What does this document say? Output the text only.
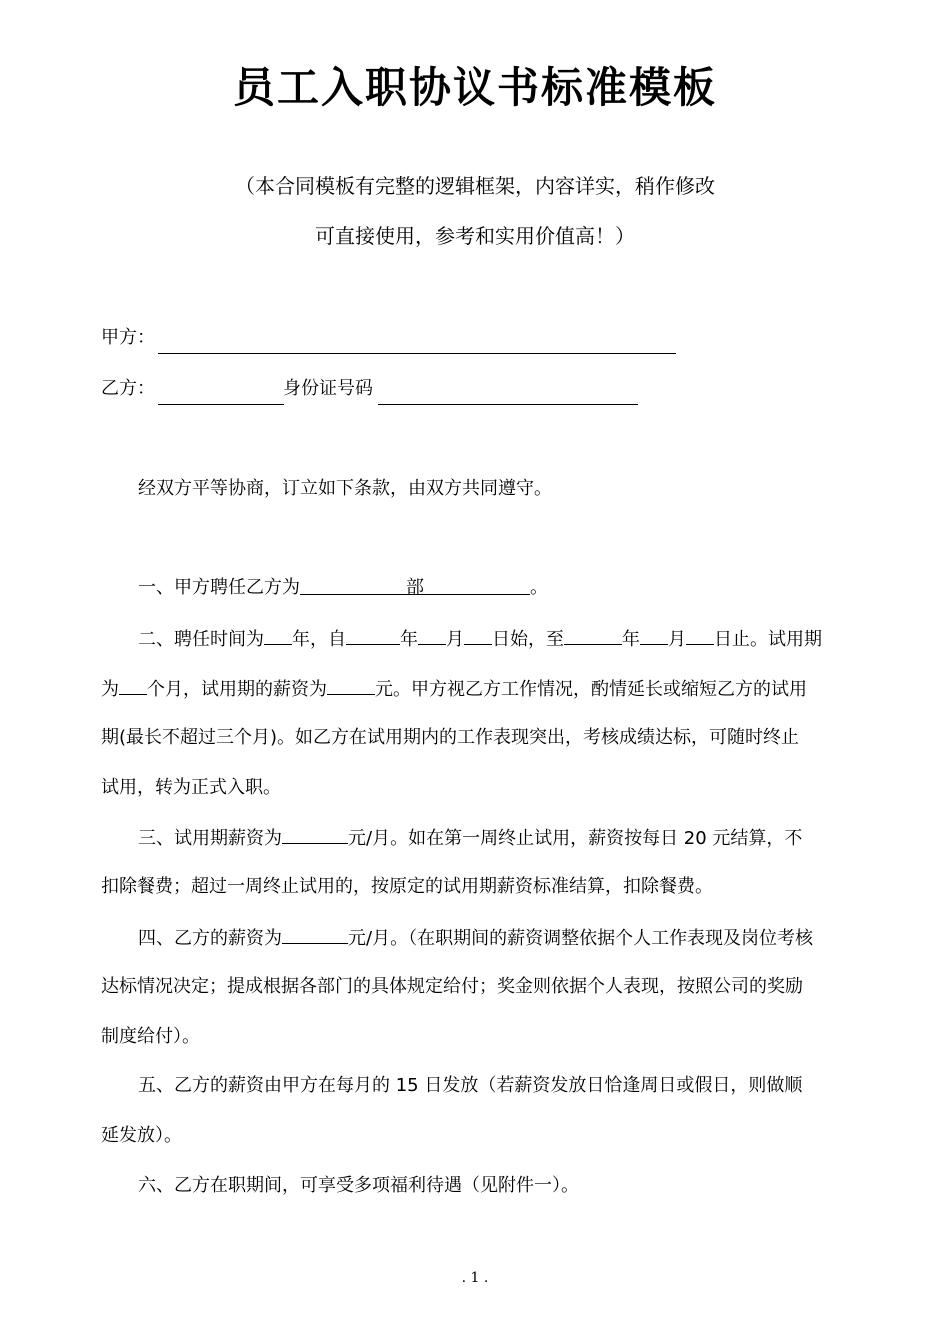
员工入职协议书标准模板
（本合同模板有完整的逻辑框架，内容详实，稍作修改
可直接使用，参考和实用价值高！）
甲方：
乙方：	身份证号码
经双方平等协商，订立如下条款，由双方共同遵守。
一、甲方聘任乙方为	部	。
二、聘任时间为 年，自	年 月 日始，至	年 月 日止。试用期
为 个月，试用期的薪资为	元。甲方视乙方工作情况，酌情延长或缩短乙方的试用
期(最长不超过三个月)。如乙方在试用期内的工作表现突出，考核成绩达标，可随时终止
试用，转为正式入职。
三、试用期薪资为	元/月。如在第一周终止试用，薪资按每日 20 元结算，不
扣除餐费；超过一周终止试用的，按原定的试用期薪资标准结算，扣除餐费。
四、乙方的薪资为	元/月。（在职期间的薪资调整依据个人工作表现及岗位考核
达标情况决定；提成根据各部门的具体规定给付；奖金则依据个人表现，按照公司的奖励
制度给付）。
五、乙方的薪资由甲方在每月的 15 日发放（若薪资发放日恰逢周日或假日，则做顺
延发放）。
六、乙方在职期间，可享受多项福利待遇（见附件一）。
. 1 .
